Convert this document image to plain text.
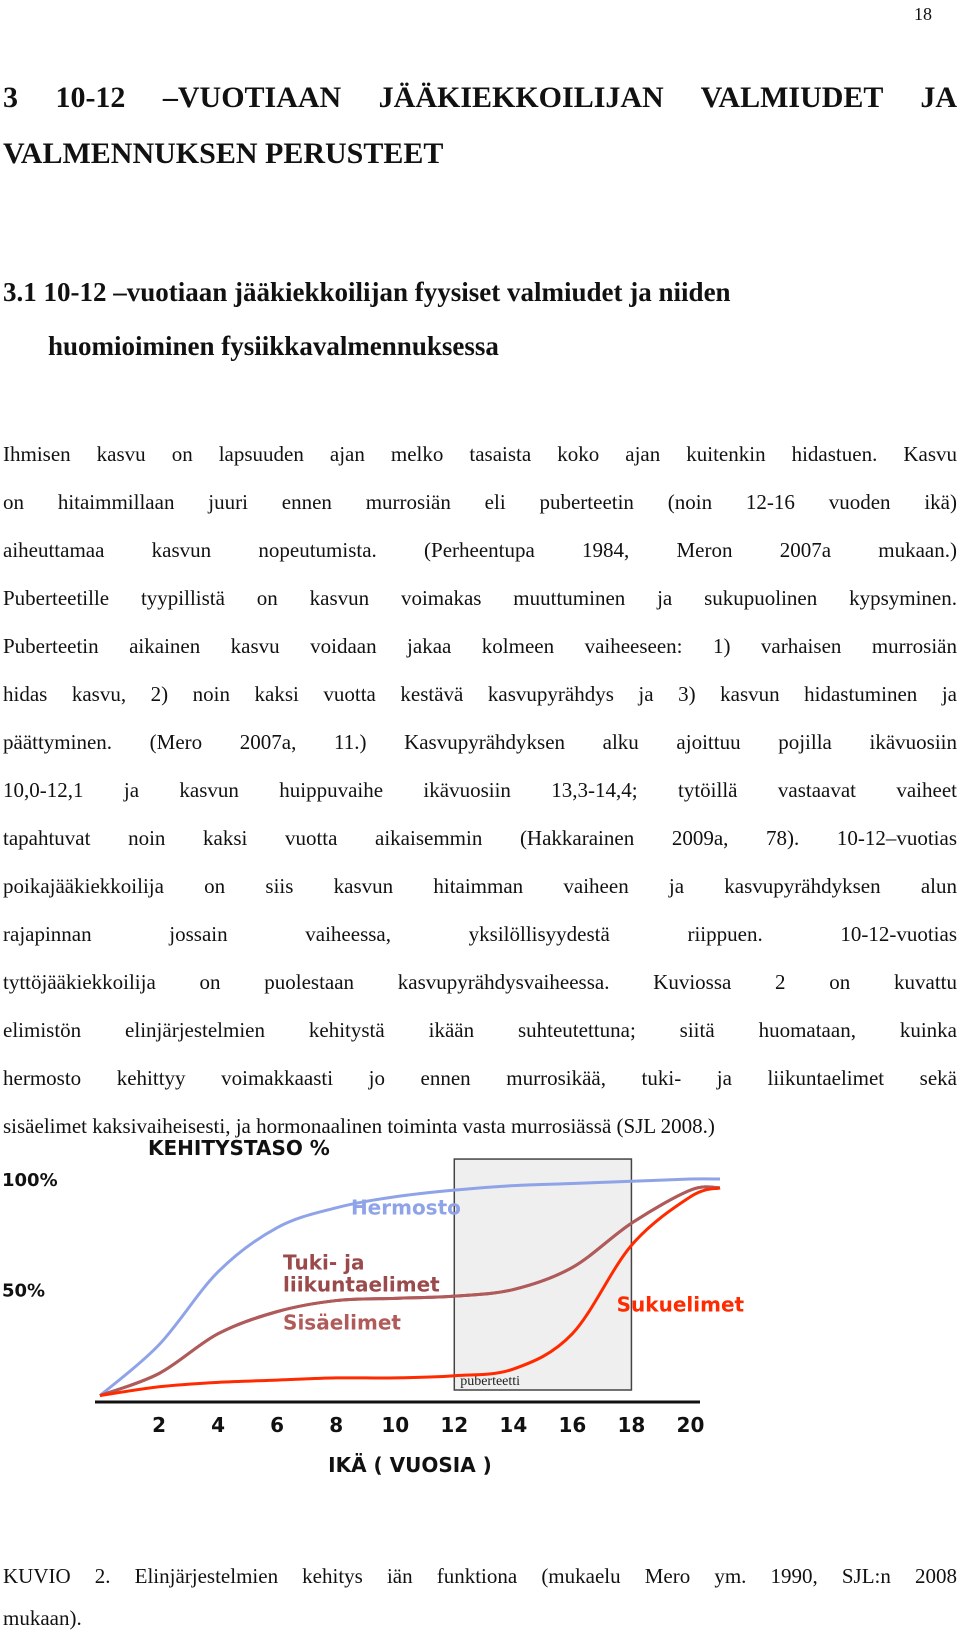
18
3 10-12 –VUOTIAAN JÄÄKIEKKOILIJAN VALMIUDET JA
VALMENNUKSEN PERUSTEET
3.1 10-12 –vuotiaan jääkiekkoilijan fyysiset valmiudet ja niiden
huomioiminen fysiikkavalmennuksessa
Ihmisen kasvu on lapsuuden ajan melko tasaista koko ajan kuitenkin hidastuen. Kasvu
on hitaimmillaan juuri ennen murrosiän eli puberteetin (noin 12-16 vuoden ikä)
aiheuttamaa kasvun nopeutumista. (Perheentupa 1984, Meron 2007a mukaan.)
Puberteetille tyypillistä on kasvun voimakas muuttuminen ja sukupuolinen kypsyminen.
Puberteetin aikainen kasvu voidaan jakaa kolmeen vaiheeseen: 1) varhaisen murrosiän
hidas kasvu, 2) noin kaksi vuotta kestävä kasvupyrähdys ja 3) kasvun hidastuminen ja
päättyminen. (Mero 2007a, 11.) Kasvupyrähdyksen alku ajoittuu pojilla ikävuosiin
10,0-12,1 ja kasvun huippuvaihe ikävuosiin 13,3-14,4; tytöillä vastaavat vaiheet
tapahtuvat noin kaksi vuotta aikaisemmin (Hakkarainen 2009a, 78). 10-12–vuotias
poikajääkiekkoilija on siis kasvun hitaimman vaiheen ja kasvupyrähdyksen alun
rajapinnan jossain vaiheessa, yksilöllisyydestä riippuen. 10-12-vuotias
tyttöjääkiekkoilija on puolestaan kasvupyrähdysvaiheessa. Kuviossa 2 on kuvattu
elimistön elinjärjestelmien kehitystä ikään suhteutettuna; siitä huomataan, kuinka
hermosto kehittyy voimakkaasti jo ennen murrosikää, tuki- ja liikuntaelimet sekä
sisäelimet kaksivaiheisesti, ja hormonaalinen toiminta vasta murrosiässä (SJL 2008.)
puberteetti
KEHITYSTASO %
IKÄ ( VUOSIA )
100%
50%
2 4 6 8 10 12 14 16 18 20
Hermosto
Tuki- ja
liikuntaelimet
Sisäelimet
Sukuelimet
KUVIO 2. Elinjärjestelmien kehitys iän funktiona (mukaelu Mero ym. 1990, SJL:n 2008
mukaan).
